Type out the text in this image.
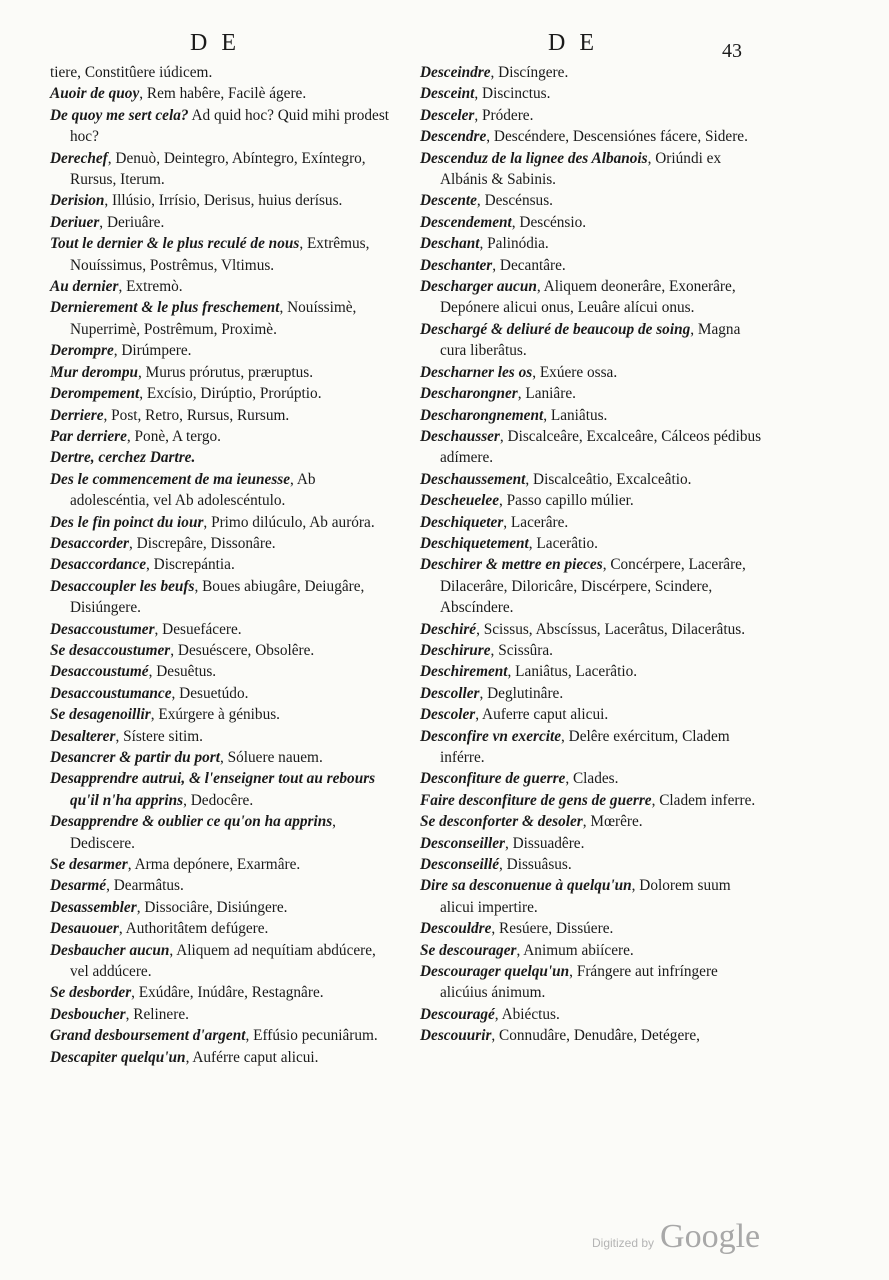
D E	D E	43

tiere, Constitûere iúdicem.

Auoir de quoy, Rem habêre, Facilè ágere.

De quoy me sert cela? Ad quid hoc? Quid mihi prodest hoc?

Derechef, Denuò, Deintegro, Abíntegro, Exíntegro, Rursus, Iterum.

Derision, Illúsio, Irrísio, Derisus, huius derísus.

Deriuer, Deriuâre.

Tout le dernier & le plus reculé de nous, Extrêmus, Nouíssimus, Postrêmus, Vltimus.

Au dernier, Extremò.

Dernierement & le plus freschement, Nouíssimè, Nuperrimè, Postrêmum, Proximè.

Derompre, Dirúmpere.

Mur derompu, Murus prórutus, præruptus.

Derompement, Excísio, Dirúptio, Prorúptio.

Derriere, Post, Retro, Rursus, Rursum.

Par derriere, Ponè, A tergo.

Dertre, cerchez Dartre.

Des le commencement de ma ieunesse, Ab adolescéntia, vel Ab adolescéntulo.

Des le fin poinct du iour, Primo dilúculo, Ab auróra.

Desaccorder, Discrepâre, Dissonâre.

Desaccordance, Discrepántia.

Desaccoupler les beufs, Boues abiugâre, Deiugâre, Disiúngere.

Desaccoustumer, Desuefácere.

Se desaccoustumer, Desuéscere, Obsolêre.

Desaccoustumé, Desuêtus.

Desaccoustumance, Desuetúdo.

Se desagenoillir, Exúrgere à génibus.

Desalterer, Sístere sitim.

Desancrer & partir du port, Sóluere nauem.

Desapprendre autrui, & l'enseigner tout au rebours qu'il n'ha apprins, Dedocêre.

Desapprendre & oublier ce qu'on ha apprins, Dediscere.

Se desarmer, Arma depónere, Exarmâre.

Desarmé, Dearmâtus.

Desassembler, Dissociâre, Disiúngere.

Desauouer, Authoritâtem defúgere.

Desbaucher aucun, Aliquem ad nequítiam abdúcere, vel addúcere.

Se desborder, Exúdâre, Inúdâre, Restagnâre.

Desboucher, Relinere.

Grand desboursement d'argent, Effúsio pecuniârum.

Descapiter quelqu'un, Auférre caput alicui.

Desceindre, Discíngere.

Desceint, Discinctus.

Desceler, Pródere.

Descendre, Descéndere, Descensiónes fácere, Sidere.

Descenduz de la lignee des Albanois, Oriúndi ex Albánis & Sabinis.

Descente, Descénsus.

Descendement, Descénsio.

Deschant, Palinódia.

Deschanter, Decantâre.

Descharger aucun, Aliquem deonerâre, Exonerâre, Depónere alicui onus, Leuâre alícui onus.

Deschargé & deliuré de beaucoup de soing, Magna cura liberâtus.

Descharner les os, Exúere ossa.

Descharongner, Laniâre.

Descharongnement, Laniâtus.

Deschausser, Discalceâre, Excalceâre, Cálceos pédibus adímere.

Deschaussement, Discalceâtio, Excalceâtio.

Descheuelee, Passo capillo múlier.

Deschiqueter, Lacerâre.

Deschiquetement, Lacerâtio.

Deschirer & mettre en pieces, Concérpere, Lacerâre, Dilacerâre, Diloricâre, Discérpere, Scindere, Abscíndere.

Deschiré, Scissus, Abscíssus, Lacerâtus, Dilacerâtus.

Deschirure, Scissûra.

Deschirement, Laniâtus, Lacerâtio.

Descoller, Deglutinâre.

Descoler, Auferre caput alicui.

Desconfire vn exercite, Delêre exércitum, Cladem inférre.

Desconfiture de guerre, Clades.

Faire desconfiture de gens de guerre, Cladem inferre.

Se desconforter & desoler, Mœrêre.

Desconseiller, Dissuadêre.

Desconseillé, Dissuâsus.

Dire sa desconuenue à quelqu'un, Dolorem suum alicui impertire.

Descouldre, Resúere, Dissúere.

Se descourager, Animum abiícere.

Descourager quelqu'un, Frángere aut infríngere alicúius ánimum.

Descouragé, Abiéctus.

Descouurir, Connudâre, Denudâre, Detégere,

Digitized by Google
